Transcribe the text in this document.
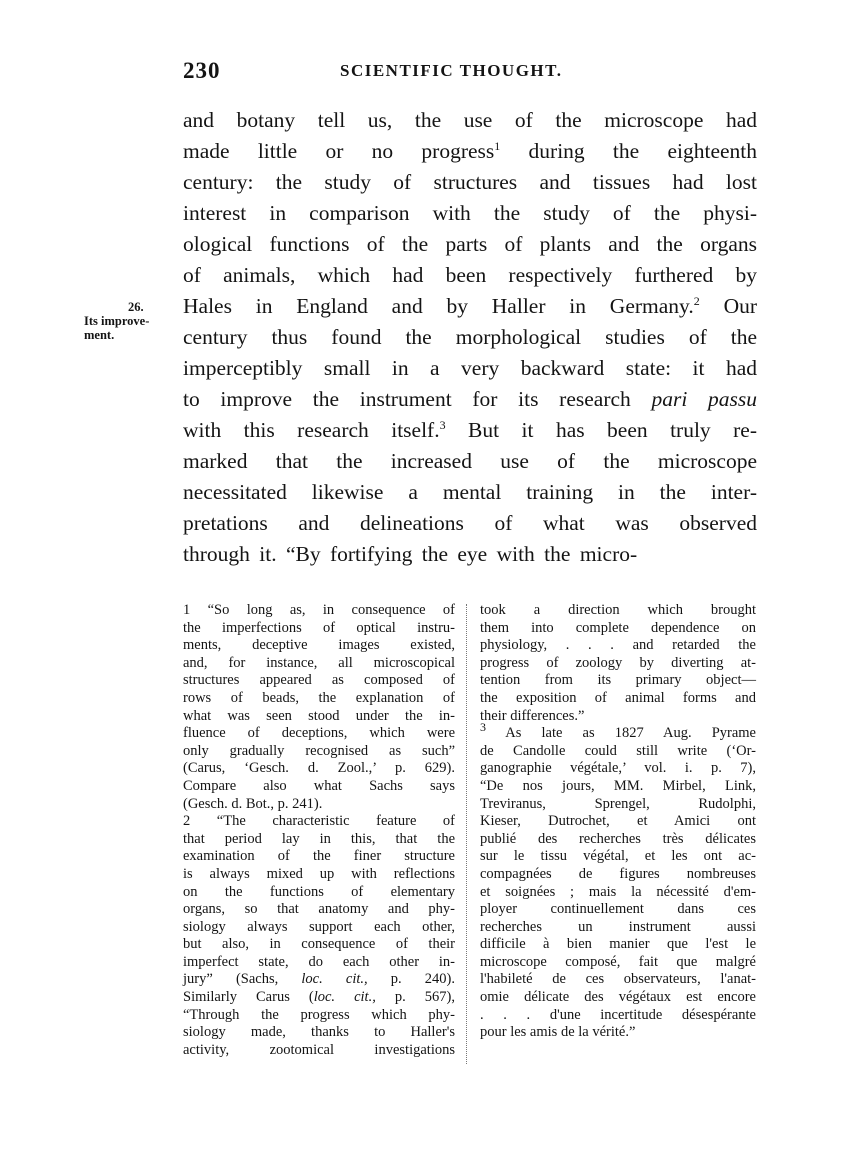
230	SCIENTIFIC THOUGHT.
26.
Its improve-
ment.
and botany tell us, the use of the microscope had
made little or no progress$^1$ during the eighteenth
century: the study of structures and tissues had lost
interest in comparison with the study of the physi-
ological functions of the parts of plants and the organs
of animals, which had been respectively furthered by
Hales in England and by Haller in Germany.$^2$ Our
century thus found the morphological studies of the
imperceptibly small in a very backward state: it had
to improve the instrument for its research pari passu
with this research itself.$^3$ But it has been truly re-
marked that the increased use of the microscope
necessitated likewise a mental training in the inter-
pretations and delineations of what was observed
through it. “By fortifying the eye with the micro-
1 “So long as, in consequence of
the imperfections of optical instru-
ments, deceptive images existed,
and, for instance, all microscopical
structures appeared as composed of
rows of beads, the explanation of
what was seen stood under the in-
fluence of deceptions, which were
only gradually recognised as such”
(Carus, ‘Gesch. d. Zool.,’ p. 629).
Compare also what Sachs says
(Gesch. d. Bot., p. 241).
2 “The characteristic feature of
that period lay in this, that the
examination of the finer structure
is always mixed up with reflections
on the functions of elementary
organs, so that anatomy and phy-
siology always support each other,
but also, in consequence of their
imperfect state, do each other in-
jury” (Sachs, loc. cit., p. 240).
Similarly Carus (loc. cit., p. 567),
“Through the progress which phy-
siology made, thanks to Haller's
activity, zootomical investigations
took a direction which brought
them into complete dependence on
physiology, . . . and retarded the
progress of zoology by diverting at-
tention from its primary object—
the exposition of animal forms and
their differences.”
$^3$ As late as 1827 Aug. Pyrame
de Candolle could still write (‘Or-
ganographie végétale,’ vol. i. p. 7),
“De nos jours, MM. Mirbel, Link,
Treviranus, Sprengel, Rudolphi,
Kieser, Dutrochet, et Amici ont
publié des recherches très délicates
sur le tissu végétal, et les ont ac-
compagnées de figures nombreuses
et soignées ; mais la nécessité d'em-
ployer continuellement dans ces
recherches un instrument aussi
difficile à bien manier que l'est le
microscope composé, fait que malgré
l'habileté de ces observateurs, l'anat-
omie délicate des végétaux est encore
. . . d'une incertitude désespérante
pour les amis de la vérité.”
